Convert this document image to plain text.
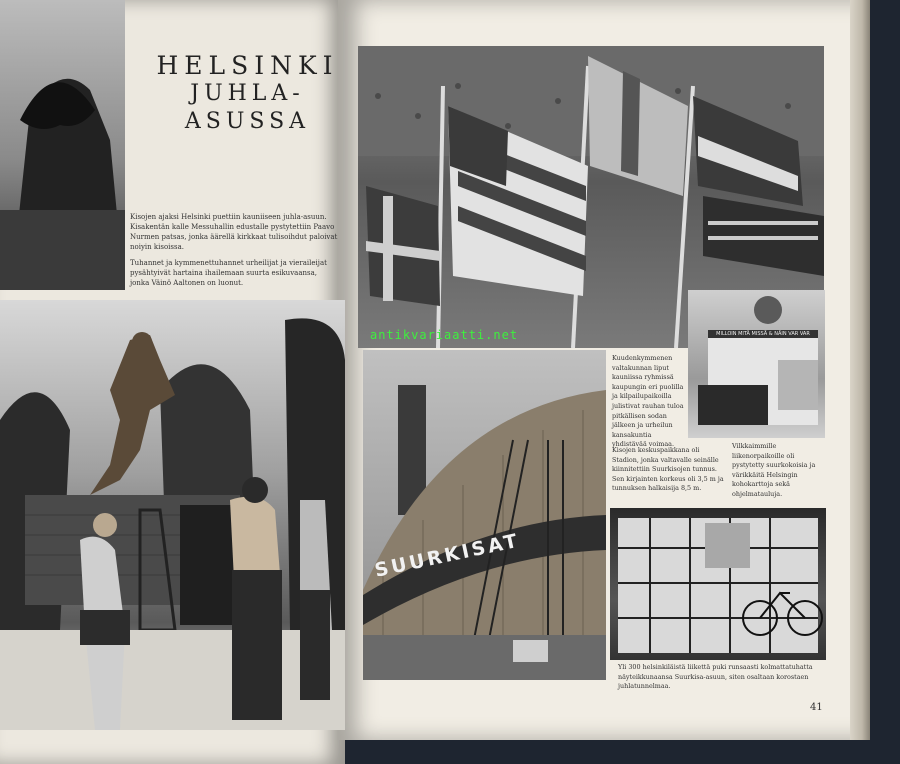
HELSINKI
JUHLA-ASUSSA

Kisojen ajaksi Helsinki puettiin kauniiseen juhla-asuun. Kisakentän kalle Messuhallin edustalle pystytettiin Paavo Nurmen patsas, jonka äärellä kirkkaat tulisoihdut paloivat noiyin kisoissa.

Tuhannet ja kymmenettuhannet urheilijat ja vieraileijat pysähtyivät hartaina ihailemaan suurta esikuvaansa, jonka Väinö Aaltonen on luonut.

Kuudenkymmenen valtakunnan liput kauniissa ryhmissä kaupungin eri puolilla ja kilpailupaikoilla julistivat rauhan tuloa pitkällisen sodan jälkeen ja urheilun kansakuntia yhdistävää voimaa.
MILLOIN MITÄ MISSÄ & NÄIN VAR VAR
Vilkkaimmille liikenorpaikoille oli pystytetty suurkokoisia ja värikkäitä Helsingin kohokarttoja sekä ohjelmatauluja.
SUURKISAT
Kisojen keskuspaikkana oli Stadion, jonka valtavalle seinälle kiinnitettiin Suurkisojen tunnus. Sen kirjainten korkeus oli 3,5 m ja tunnuksen halkaisija 8,5 m.
Yli 300 helsinkiläistä liikettä puki runsaasti kolmattatuhatta näyteikkunaansa Suurkisa-asuun, siten osaltaan korostaen juhlatunnelmaa.
41
antikvariaatti.net
